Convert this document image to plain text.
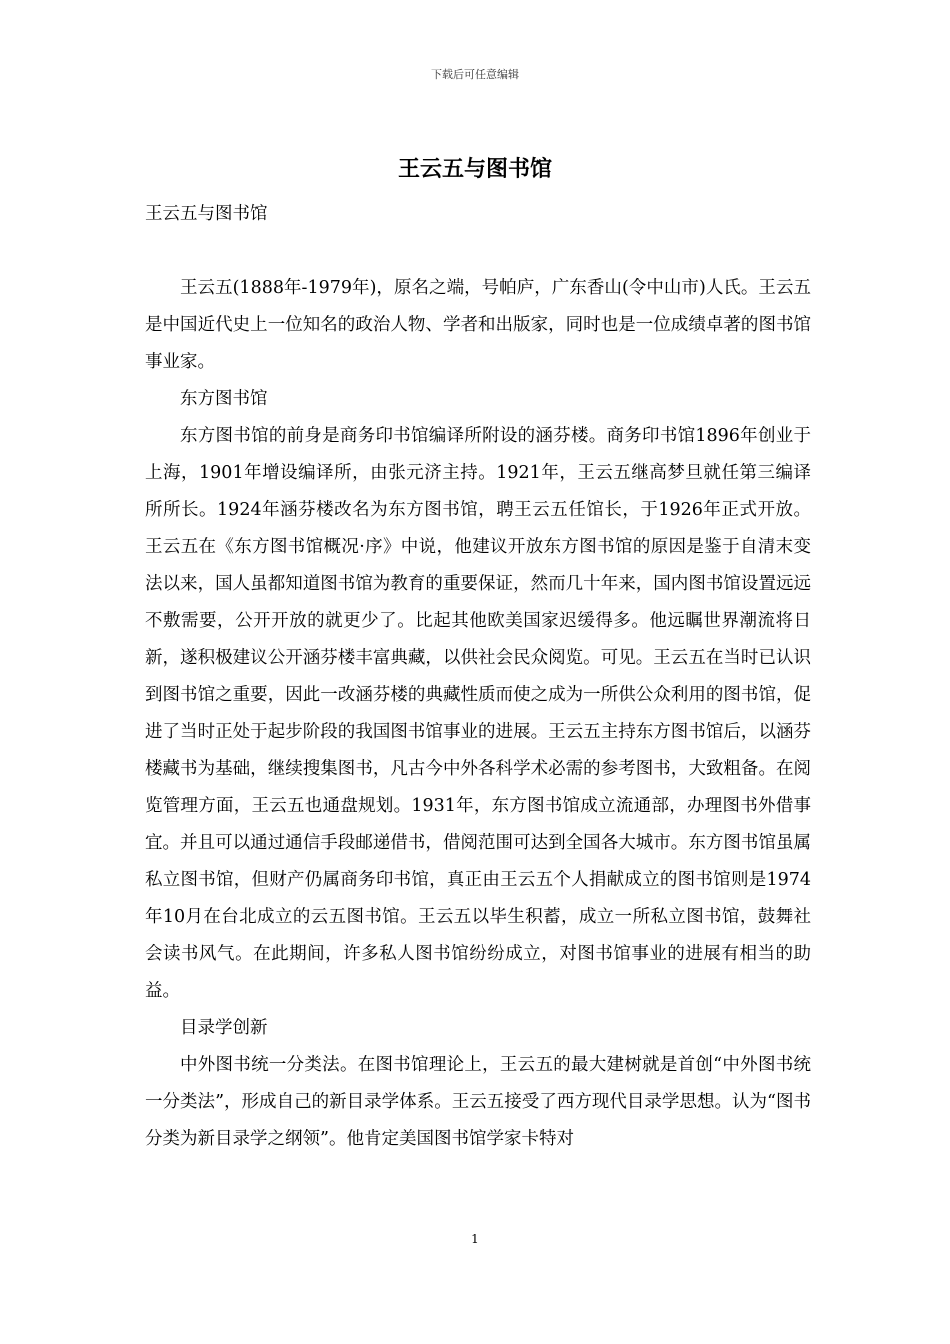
下载后可任意编辑
王云五与图书馆

王云五与图书馆

王云五(1888年-1979年)，原名之端，号帕庐，广东香山(令中山市)人氏。王云五是中国近代史上一位知名的政治人物、学者和出版家，同时也是一位成绩卓著的图书馆事业家。

东方图书馆

东方图书馆的前身是商务印书馆编译所附设的涵芬楼。商务印书馆1896年创业于上海，1901年增设编译所，由张元济主持。1921年，王云五继高梦旦就任第三编译所所长。1924年涵芬楼改名为东方图书馆，聘王云五任馆长，于1926年正式开放。王云五在《东方图书馆概况·序》中说，他建议开放东方图书馆的原因是鉴于自清末变法以来，国人虽都知道图书馆为教育的重要保证，然而几十年来，国内图书馆设置远远不敷需要，公开开放的就更少了。比起其他欧美国家迟缓得多。他远瞩世界潮流将日新，遂积极建议公开涵芬楼丰富典藏，以供社会民众阅览。可见。王云五在当时已认识到图书馆之重要，因此一改涵芬楼的典藏性质而使之成为一所供公众利用的图书馆，促进了当时正处于起步阶段的我国图书馆事业的进展。王云五主持东方图书馆后，以涵芬楼藏书为基础，继续搜集图书，凡古今中外各科学术必需的参考图书，大致粗备。在阅览管理方面，王云五也通盘规划。1931年，东方图书馆成立流通部，办理图书外借事宜。并且可以通过通信手段邮递借书，借阅范围可达到全国各大城市。东方图书馆虽属私立图书馆，但财产仍属商务印书馆，真正由王云五个人捐献成立的图书馆则是1974年10月在台北成立的云五图书馆。王云五以毕生积蓄，成立一所私立图书馆，鼓舞社会读书风气。在此期间，许多私人图书馆纷纷成立，对图书馆事业的进展有相当的助益。

目录学创新

中外图书统一分类法。在图书馆理论上，王云五的最大建树就是首创“中外图书统一分类法”，形成自己的新目录学体系。王云五接受了西方现代目录学思想。认为“图书分类为新目录学之纲领”。他肯定美国图书馆学家卡特对

1
